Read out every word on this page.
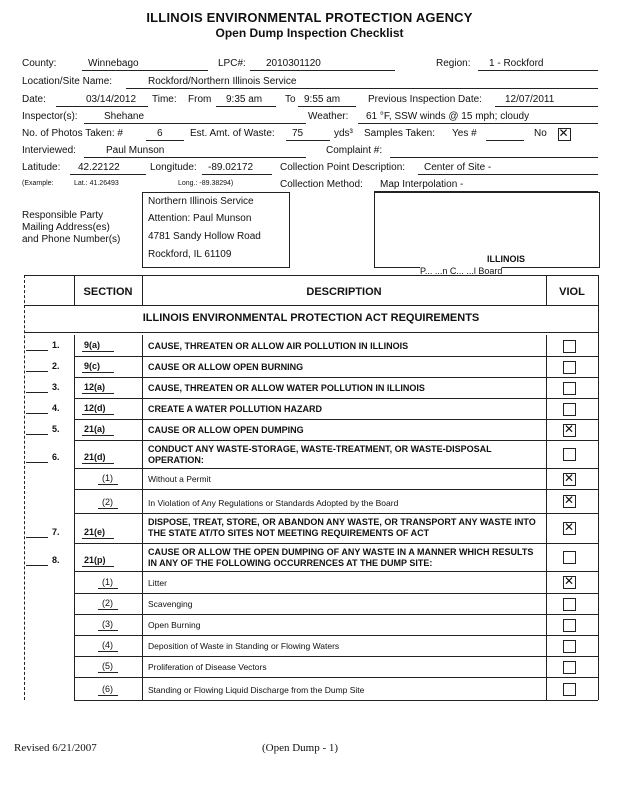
ILLINOIS ENVIRONMENTAL PROTECTION AGENCY
Open Dump Inspection Checklist
County:	Winnebago	LPC#: 2010301120	Region: 1 - Rockford
Location/Site Name:	Rockford/Northern Illinois Service
Date:	03/14/2012 Time: From 9:35 am To 9:55 am	Previous Inspection Date: 12/07/2011
Inspector(s):	Shehane	Weather: 61 °F, SSW winds @ 15 mph; cloudy
No. of Photos Taken: #	6	Est. Amt. of Waste: 75	yds³ Samples Taken: Yes #	No ✕
Interviewed:	Paul Munson	Complaint #:
Latitude: 42.22122	Longitude: -89.02172	Collection Point Description: Center of Site -
(Example:	Lat.: 41.26493	Long.: -89.38294)	Collection Method: Map Interpolation -
Responsible Party
Mailing Address(es)
and Phone Number(s)
Northern Illinois Service
Attention: Paul Munson
4781 Sandy Hollow Road
Rockford, IL 61109	ILLINOIS
P... ...n C... ...l Board
SECTION	DESCRIPTION	VIOL
ILLINOIS ENVIRONMENTAL PROTECTION ACT REQUIREMENTS
1.	9(a)	CAUSE, THREATEN OR ALLOW AIR POLLUTION IN ILLINOIS
2.	9(c)	CAUSE OR ALLOW OPEN BURNING
3.	12(a)	CAUSE, THREATEN OR ALLOW WATER POLLUTION IN ILLINOIS
4.	12(d)	CREATE A WATER POLLUTION HAZARD
5.	21(a)	CAUSE OR ALLOW OPEN DUMPING	✕
6.	21(d)
CONDUCT ANY WASTE-STORAGE, WASTE-TREATMENT, OR WASTE-DISPOSAL OPERATION:
(1)	Without a Permit	✕
(2)	In Violation of Any Regulations or Standards Adopted by the Board	✕
7.	21(e)
DISPOSE, TREAT, STORE, OR ABANDON ANY WASTE, OR TRANSPORT ANY WASTE INTO THE STATE AT/TO SITES NOT MEETING REQUIREMENTS OF ACT	✕
8.	21(p)
CAUSE OR ALLOW THE OPEN DUMPING OF ANY WASTE IN A MANNER WHICH RESULTS IN ANY OF THE FOLLOWING OCCURRENCES AT THE DUMP SITE:
(1)	Litter	✕
(2)	Scavenging
(3)	Open Burning
(4)	Deposition of Waste in Standing or Flowing Waters
(5)	Proliferation of Disease Vectors
(6)	Standing or Flowing Liquid Discharge from the Dump Site
Revised 6/21/2007	(Open Dump - 1)
